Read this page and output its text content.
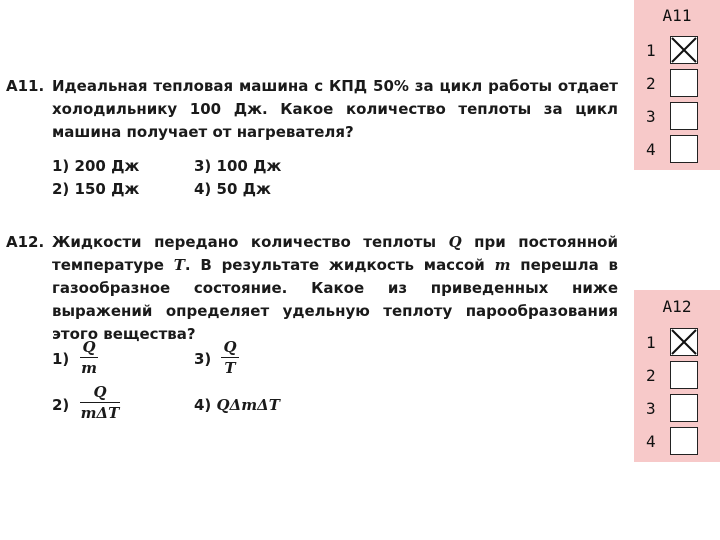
A11. Идеальная тепловая машина с КПД 50% за цикл работы отдает холодильнику 100 Дж. Какое количество теплоты за цикл машина получает от нагревателя?
1) 200 Дж
2) 150 Дж
3) 100 Дж
4) 50 Дж
A12. Жидкости передано количество теплоты Q при постоянной температуре T. В результате жидкость массой m перешла в газообразное состояние. Какое из приведенных ниже выражений определяет удельную теплоту парообразования этого вещества?
1)
Q
m
2)
Q
mΔT
3)
Q
T
4) QΔmΔT
A11
1
2
3
4
A12
1
2
3
4
